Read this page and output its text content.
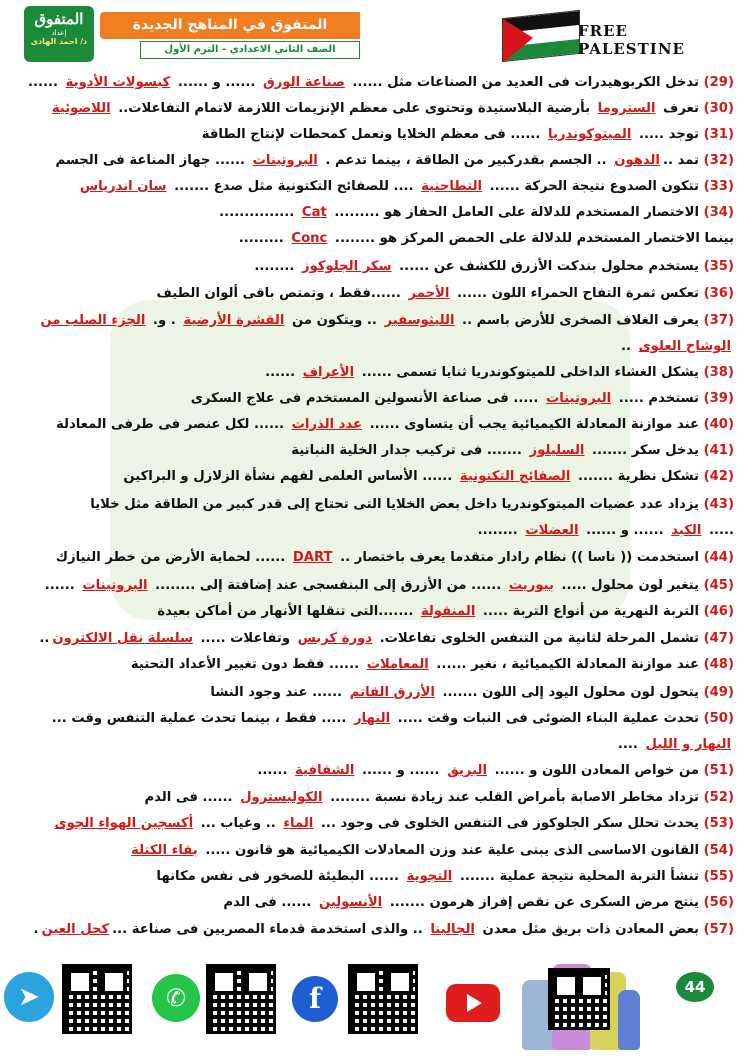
المتفوق
إعداد
د/ احمد الهادى
المتفوق في المناهج الجديدة
الصف الثاني الاعدادي - الترم الأول
FREE
PALESTINE
(29) تدخل الكربوهيدرات فى العديد من الصناعات مثل ...... صناعة الورق ...... و ...... كبسولات الأدوية ......
(30) تعرف الستروما بأرضية البلاستيدة وتحتوى على معظم الإنزيمات اللازمة لاتمام التفاعلات.. اللاضوئية
(31) توجد ..... الميتوكوندريا ...... فى معظم الخلايا وتعمل كمحطات لإنتاج الطاقة
(32) تمد ..الدهون .. الجسم بقدركبير من الطاقة ، بينما تدعم . البروتينات ...... جهاز المناعة فى الجسم
(33) تتكون الصدوع نتيجة الحركة ...... التطاحنية .... للصفائح التكتونية مثل صدع ....... سان اندرياس
(34) الاختصار المستخدم للدلالة على العامل الحفاز هو ......... Cat ...............
بينما الاختصار المستخدم للدلالة على الحمض المركز هو ........ Conc .........
(35) يستخدم محلول بندكت الأزرق للكشف عن ...... سكر الجلوكوز ........
(36) تعكس ثمرة التفاح الحمراء اللون ...... الأحمر ......فقط ، وتمتص باقى ألوان الطيف
(37) يعرف الغلاف الصخرى للأرض باسم .. الليثوسفير .. ويتكون من القشرة الأرضية . و. الجزء الصلب من
الوشاح العلوى ..
(38) يشكل الغشاء الداخلى للميتوكوندريا ثنايا تسمى ...... الأعراف ......
(39) تستخدم ..... البروتينات ..... فى صناعة الأنسولين المستخدم فى علاج السكرى
(40) عند موازنة المعادلة الكيميائية يجب أن يتساوى ...... عدد الذرات ...... لكل عنصر فى طرفى المعادلة
(41) يدخل سكر ....... السليلوز ....... فى تركيب جدار الخلية النباتية
(42) تشكل نظرية ....... الصفائح التكتونية ...... الأساس العلمى لفهم نشأة الزلازل و البراكين
(43) يزداد عدد عضيات الميتوكوندريا داخل بعض الخلايا التى تحتاج إلى قدر كبير من الطاقة مثل خلايا
..... الكبد ...... و ...... العضلات ........
(44) استخدمت (( ناسا )) نظام رادار متقدما يعرف باختصار .. DART ...... لحماية الأرض من خطر النيازك
(45) يتغير لون محلول ..... بيوريت ...... من الأزرق إلى البنفسجى عند إضافتة إلى ........ البروتينات ......
(46) التربة النهرية من أنواع التربة ..... المنقولة .......التى تنقلها الأنهار من أماكن بعيدة
(47) تشمل المرحلة لثانية من التنفس الخلوى تفاعلات. دورة كربس وتفاعلات ..... سلسلة نقل الالكترون..
(48) عند موازنة المعادلة الكيميائية ، نغير ...... المعاملات ...... فقط دون تغيير الأعداد التحتية
(49) يتحول لون محلول اليود إلى اللون ....... الأزرق القاتم ...... عند وجود النشا
(50) تحدث عملية البناء الضوئى فى النبات وقت ..... النهار ..... فقط ، بينما تحدث عملية التنفس وقت ...
النهار و الليل ....
(51) من خواص المعادن اللون و ...... البريق ...... و ...... الشفافية ......
(52) تزداد مخاطر الاصابة بأمراض القلب عند زيادة نسبة ........ الكوليسترول ...... فى الدم
(53) يحدث تحلل سكر الجلوكوز فى التنفس الخلوى فى وجود ... الماء .. وغياب ... أكسجين الهواء الجوى
(54) القانون الاساسى الذى يبنى علية عند وزن المعادلات الكيميائية هو قانون ..... بقاء الكتلة
(55) تنشأ التربة المحلية نتيجة عملية ....... التجوية ...... البطيئة للصخور فى نفس مكانها
(56) ينتج مرض السكرى عن نقص إفراز هرمون ....... الأنسولين ...... فى الدم
(57) بعض المعادن ذات بريق مثل معدن الجالينا .. والذى استخدمة قدماء المصريين فى صناعة ...كحل العين.
➤	✆	f	44
